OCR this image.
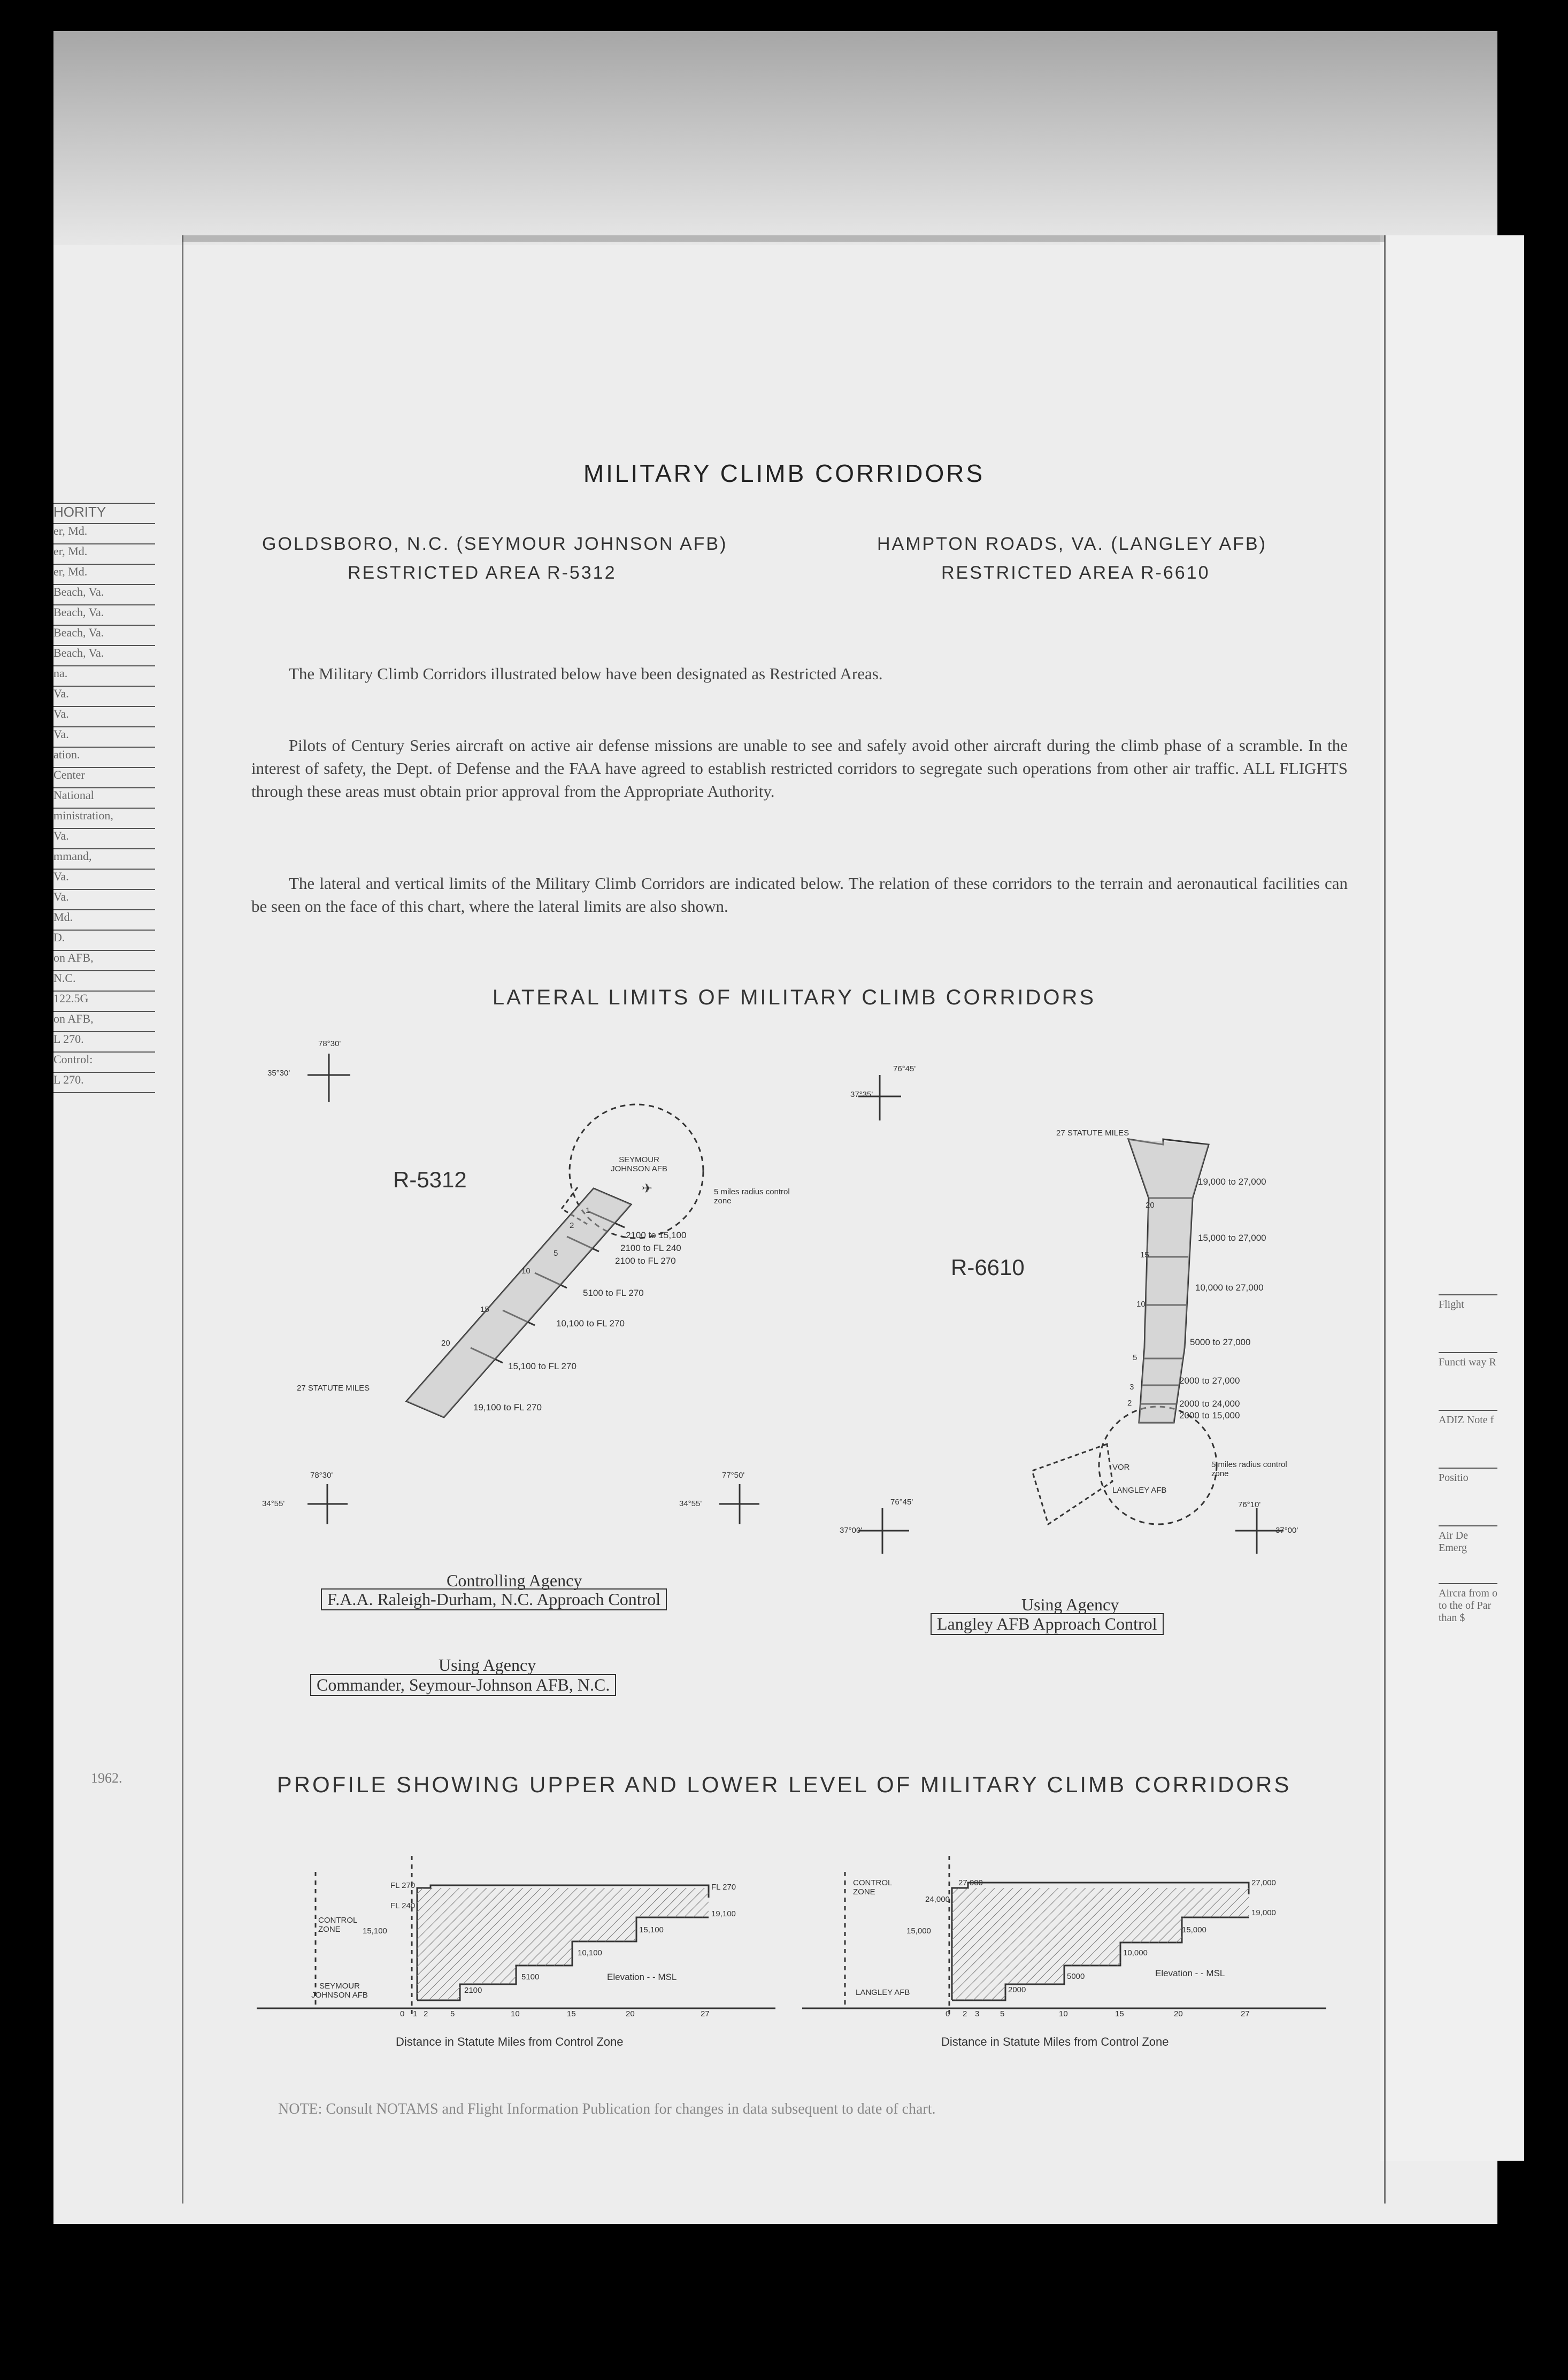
HORITY
er, Md.
er, Md.
er, Md.
Beach, Va.
Beach, Va.
Beach, Va.
Beach, Va.
na.
Va.
Va.
Va.
ation.
Center
National
ministration,
Va.
mmand,
Va.
Va.
Md.
D.
on AFB,
N.C.
122.5G
on AFB,
L 270.
Control:
L 270.
1962.
Flight
Functi way R
ADIZ Note f
Positio
Air De Emerg
Aircra from o to the of Par than $
MILITARY CLIMB CORRIDORS
GOLDSBORO, N.C. (SEYMOUR JOHNSON AFB)
RESTRICTED AREA R-5312
HAMPTON ROADS, VA. (LANGLEY AFB)
RESTRICTED AREA R-6610
The Military Climb Corridors illustrated below have been designated as Restricted Areas.
Pilots of Century Series aircraft on active air defense missions are unable to see and safely avoid other aircraft during the climb phase of a scramble. In the interest of safety, the Dept. of Defense and the FAA have agreed to establish restricted corridors to segregate such operations from other air traffic. ALL FLIGHTS through these areas must obtain prior approval from the Appropriate Authority.
The lateral and vertical limits of the Military Climb Corridors are indicated below. The relation of these corridors to the terrain and aeronautical facilities can be seen on the face of this chart, where the lateral limits are also shown.
LATERAL LIMITS OF MILITARY CLIMB CORRIDORS
78°30'
35°30'
78°30'
34°55'
77°50'
34°55'
R-5312
SEYMOUR JOHNSON AFB
✈	5 miles radius control zone
27 STATUTE MILES
1
2
5
10
15
20
2100 to 15,100
2100 to FL 240
2100 to FL 270
5100 to FL 270
10,100 to FL 270
15,100 to FL 270
19,100 to FL 270
76°45'
37°35'
76°45'
37°00'
76°10'
37°00'
R-6610
27 STATUTE MILES
20
15
10
5
3
2
19,000 to 27,000
15,000 to 27,000
10,000 to 27,000
5000 to 27,000
2000 to 27,000
2000 to 24,000
2000 to 15,000
VOR
LANGLEY AFB
5 miles radius control zone
Controlling Agency
F.A.A. Raleigh-Durham, N.C. Approach Control
Using Agency
Commander, Seymour-Johnson AFB, N.C.
Using Agency
Langley AFB Approach Control
PROFILE SHOWING UPPER AND LOWER LEVEL OF MILITARY CLIMB CORRIDORS
CONTROL ZONE
SEYMOUR JOHNSON AFB
Elevation - - MSL
Distance in Statute Miles from Control Zone
0 1 2	5	10	15	20	27
FL 270
FL 240
15,100
FL 270
19,100
15,100
10,100
5100
2100
CONTROL ZONE
LANGLEY AFB
Elevation - - MSL
Distance in Statute Miles from Control Zone
0 2 3	5	10	15	20	27
27,000
24,000
15,000
27,000
19,000
15,000
10,000
5000
2000
NOTE: Consult NOTAMS and Flight Information Publication for changes in data subsequent to date of chart.
